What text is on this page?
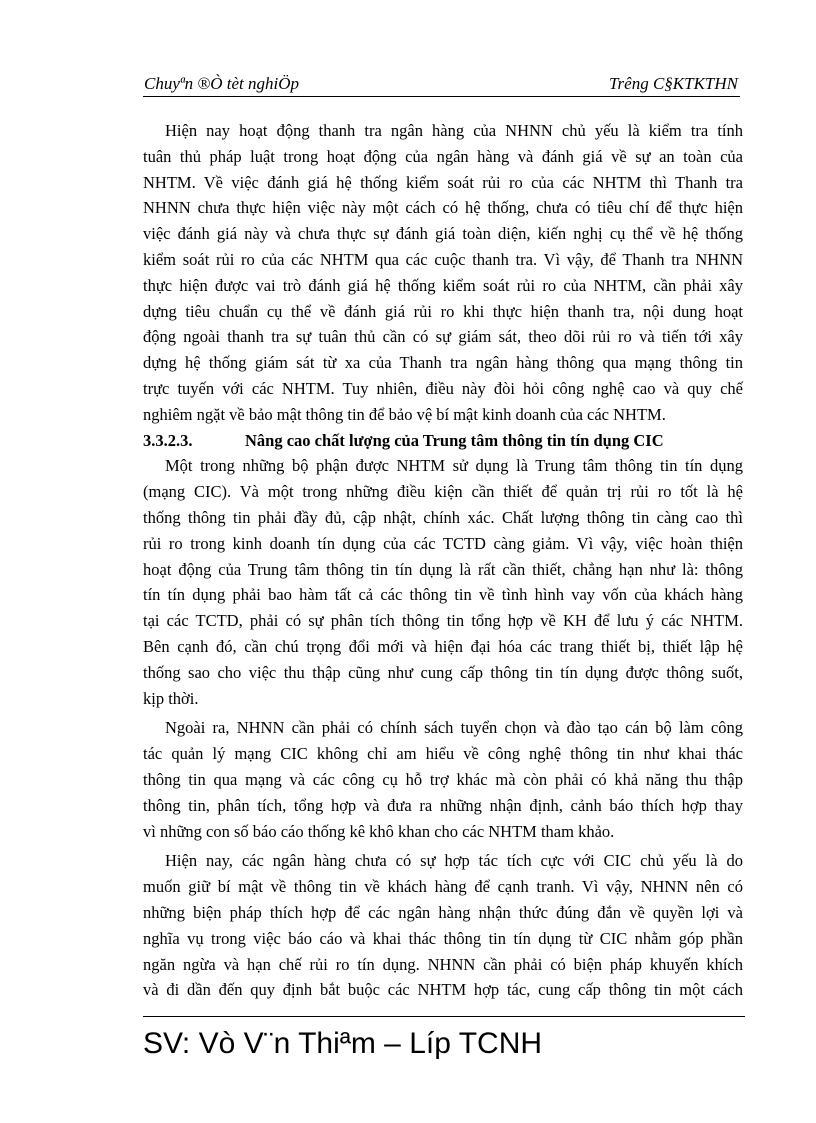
Chuyªn ®Ò tèt nghiÖp	Trêng C§KTKTHN
Hiện nay hoạt động thanh tra ngân hàng của NHNN chủ yếu là kiểm tra tính
tuân thủ pháp luật trong hoạt động của ngân hàng và đánh giá về sự an toàn của
NHTM. Về việc đánh giá hệ thống kiểm soát rủi ro của các NHTM thì Thanh tra
NHNN chưa thực hiện việc này một cách có hệ thống, chưa có tiêu chí để thực hiện
việc đánh giá này và chưa thực sự đánh giá toàn diện, kiến nghị cụ thể về hệ thống
kiểm soát rủi ro của các NHTM qua các cuộc thanh tra. Vì vậy, để Thanh tra NHNN
thực hiện được vai trò đánh giá hệ thống kiểm soát rủi ro của NHTM, cần phải xây
dựng tiêu chuẩn cụ thể về đánh giá rủi ro khi thực hiện thanh tra, nội dung hoạt
động ngoài thanh tra sự tuân thủ cần có sự giám sát, theo dõi rủi ro và tiến tới xây
dựng hệ thống giám sát từ xa của Thanh tra ngân hàng thông qua mạng thông tin
trực tuyến với các NHTM. Tuy nhiên, điều này đòi hỏi công nghệ cao và quy chế
nghiêm ngặt về bảo mật thông tin để bảo vệ bí mật kinh doanh của các NHTM.
3.3.2.3.	Nâng cao chất lượng của Trung tâm thông tin tín dụng CIC
Một trong những bộ phận được NHTM sử dụng là Trung tâm thông tin tín dụng
(mạng CIC). Và một trong những điều kiện cần thiết để quản trị rủi ro tốt là hệ
thống thông tin phải đầy đủ, cập nhật, chính xác. Chất lượng thông tin càng cao thì
rủi ro trong kinh doanh tín dụng của các TCTD càng giảm. Vì vậy, việc hoàn thiện
hoạt động của Trung tâm thông tin tín dụng là rất cần thiết, chẳng hạn như là: thông
tín tín dụng phải bao hàm tất cả các thông tin về tình hình vay vốn của khách hàng
tại các TCTD, phải có sự phân tích thông tin tổng hợp về KH để lưu ý các NHTM.
Bên cạnh đó, cần chú trọng đổi mới và hiện đại hóa các trang thiết bị, thiết lập hệ
thống sao cho việc thu thập cũng như cung cấp thông tin tín dụng được thông suốt,
kịp thời.
Ngoài ra, NHNN cần phải có chính sách tuyển chọn và đào tạo cán bộ làm công
tác quản lý mạng CIC không chỉ am hiểu về công nghệ thông tin như khai thác
thông tin qua mạng và các công cụ hỗ trợ khác mà còn phải có khả năng thu thập
thông tin, phân tích, tổng hợp và đưa ra những nhận định, cảnh báo thích hợp thay
vì những con số báo cáo thống kê khô khan cho các NHTM tham khảo.
Hiện nay, các ngân hàng chưa có sự hợp tác tích cực với CIC chủ yếu là do
muốn giữ bí mật về thông tin về khách hàng để cạnh tranh. Vì vậy, NHNN nên có
những biện pháp thích hợp để các ngân hàng nhận thức đúng đắn về quyền lợi và
nghĩa vụ trong việc báo cáo và khai thác thông tin tín dụng từ CIC nhằm góp phần
ngăn ngừa và hạn chế rủi ro tín dụng. NHNN cần phải có biện pháp khuyến khích
và đi dần đến quy định bắt buộc các NHTM hợp tác, cung cấp thông tin một cách
SV: Vò V¨n Thiªm – Líp TCNH
